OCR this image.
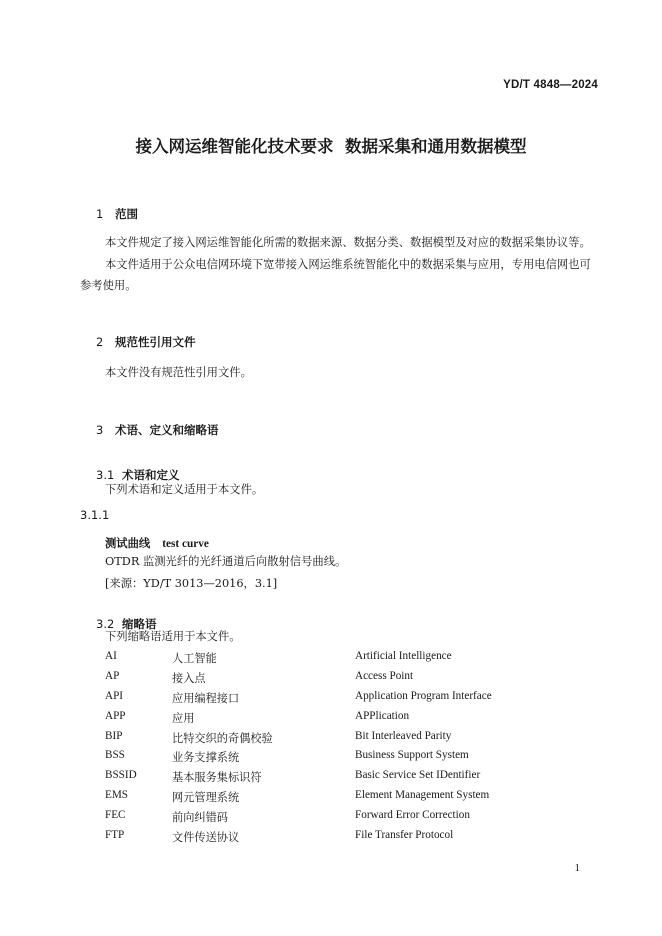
YD/T 4848—2024
接入网运维智能化技术要求  数据采集和通用数据模型

1 范围

本文件规定了接入网运维智能化所需的数据来源、数据分类、数据模型及对应的数据采集协议等。
本文件适用于公众电信网环境下宽带接入网运维系统智能化中的数据采集与应用，专用电信网也可
参考使用。

2 规范性引用文件

本文件没有规范性引用文件。

3 术语、定义和缩略语

3.1 术语和定义

下列术语和定义适用于本文件。
3.1.1
测试曲线 test curve
OTDR 监测光纤的光纤通道后向散射信号曲线。
[来源：YD/T 3013—2016，3.1]

3.2 缩略语

下列缩略语适用于本文件。
AI	人工智能	Artificial Intelligence
AP	接入点	Access Point
API	应用编程接口	Application Program Interface
APP	应用	APPlication
BIP	比特交织的奇偶校验	Bit Interleaved Parity
BSS	业务支撑系统	Business Support System
BSSID	基本服务集标识符	Basic Service Set IDentifier
EMS	网元管理系统	Element Management System
FEC	前向纠错码	Forward Error Correction
FTP	文件传送协议	File Transfer Protocol
1
